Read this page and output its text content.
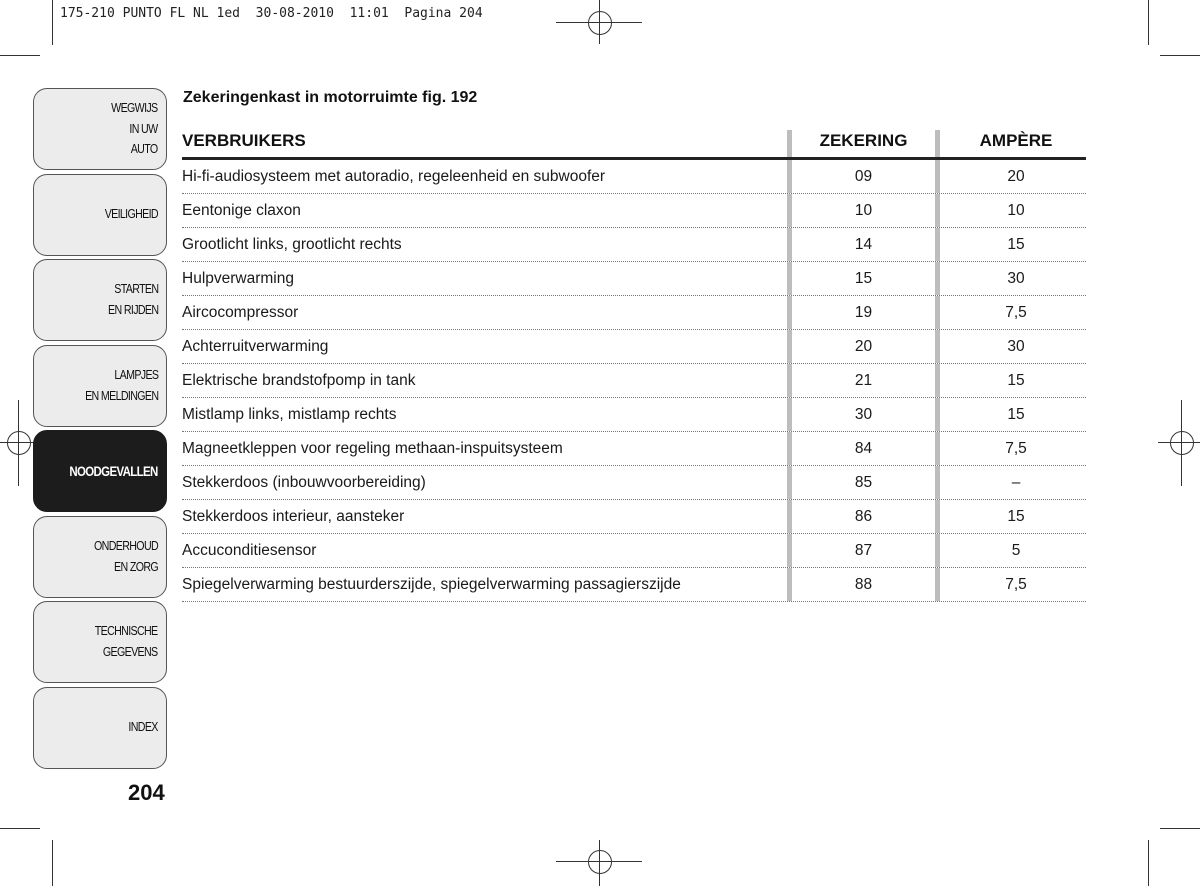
175-210 PUNTO FL NL 1ed  30-08-2010  11:01  Pagina 204
WEGWIJS
IN UW
AUTO
VEILIGHEID
STARTEN
EN RIJDEN
LAMPJES
EN MELDINGEN
NOODGEVALLEN
ONDERHOUD
EN ZORG
TECHNISCHE
GEGEVENS
INDEX
204
Zekeringenkast in motorruimte fig. 192
VERBRUIKERS	ZEKERING	AMPÈRE
Hi-fi-audiosysteem met autoradio, regeleenheid en subwoofer	09	20
Eentonige claxon	10	10
Grootlicht links, grootlicht rechts	14	15
Hulpverwarming	15	30
Aircocompressor	19	7,5
Achterruitverwarming	20	30
Elektrische brandstofpomp in tank	21	15
Mistlamp links, mistlamp rechts	30	15
Magneetkleppen voor regeling methaan-inspuitsysteem	84	7,5
Stekkerdoos (inbouwvoorbereiding)	85	–
Stekkerdoos interieur, aansteker	86	15
Accuconditiesensor	87	5
Spiegelverwarming bestuurderszijde, spiegelverwarming passagierszijde	88	7,5
